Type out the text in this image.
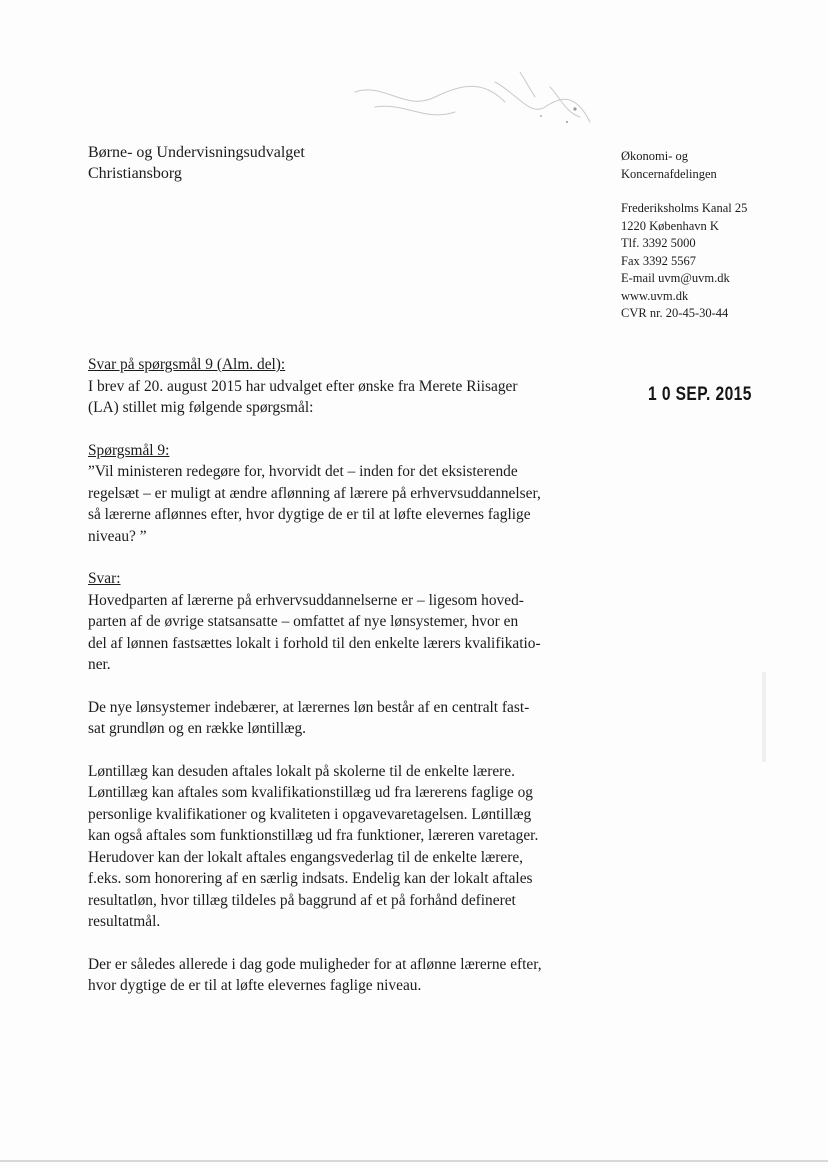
Børne- og Undervisningsudvalget
Christiansborg
Økonomi- og
Koncernafdelingen
Frederiksholms Kanal 25
1220 København K
Tlf. 3392 5000
Fax 3392 5567
E-mail uvm@uvm.dk
www.uvm.dk
CVR nr. 20-45-30-44
1 0 SEP. 2015

Svar på spørgsmål 9 (Alm. del):

I brev af 20. august 2015 har udvalget efter ønske fra Merete Riisager

(LA) stillet mig følgende spørgsmål:

Spørgsmål 9:

”Vil ministeren redegøre for, hvorvidt det – inden for det eksisterende

regelsæt – er muligt at ændre aflønning af lærere på erhvervsuddannelser,

så lærerne aflønnes efter, hvor dygtige de er til at løfte elevernes faglige

niveau? ”

Svar:

Hovedparten af lærerne på erhvervsuddannelserne er – ligesom hoved-

parten af de øvrige statsansatte – omfattet af nye lønsystemer, hvor en

del af lønnen fastsættes lokalt i forhold til den enkelte lærers kvalifikatio-

ner.

De nye lønsystemer indebærer, at lærernes løn består af en centralt fast-

sat grundløn og en række løntillæg.

Løntillæg kan desuden aftales lokalt på skolerne til de enkelte lærere.

Løntillæg kan aftales som kvalifikationstillæg ud fra lærerens faglige og

personlige kvalifikationer og kvaliteten i opgavevaretagelsen. Løntillæg

kan også aftales som funktionstillæg ud fra funktioner, læreren varetager.

Herudover kan der lokalt aftales engangsvederlag til de enkelte lærere,

f.eks. som honorering af en særlig indsats. Endelig kan der lokalt aftales

resultatløn, hvor tillæg tildeles på baggrund af et på forhånd defineret

resultatmål.

Der er således allerede i dag gode muligheder for at aflønne lærerne efter,

hvor dygtige de er til at løfte elevernes faglige niveau.
